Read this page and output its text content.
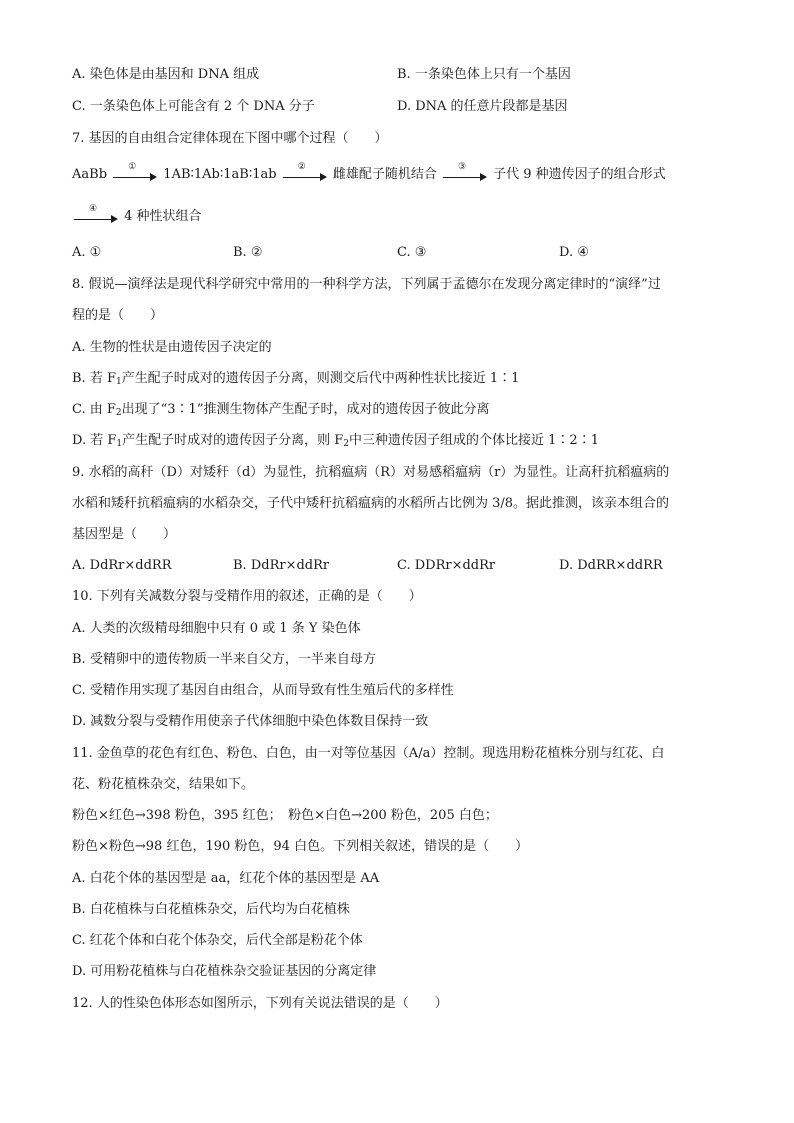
A. 染色体是由基因和 DNA 组成	B. 一条染色体上只有一个基因
C. 一条染色体上可能含有 2 个 DNA 分子	D. DNA 的任意片段都是基因
7. 基因的自由组合定律体现在下图中哪个过程（　　）
AaBb
①
1AB∶1Ab∶1aB∶1ab
②
雌雄配子随机结合
③
子代 9 种遗传因子的组合形式
④
4 种性状组合
A. ①	B. ②	C. ③	D. ④
8. 假说—演绎法是现代科学研究中常用的一种科学方法，下列属于孟德尔在发现分离定律时的“演绎”过
程的是（　　）
A. 生物的性状是由遗传因子决定的
B. 若 $F_1$产生配子时成对的遗传因子分离，则测交后代中两种性状比接近 1∶1
C. 由 $F_2$出现了“3∶1”推测生物体产生配子时，成对的遗传因子彼此分离
D. 若 $F_1$产生配子时成对的遗传因子分离，则 $F_2$中三种遗传因子组成的个体比接近 1∶2∶1
9. 水稻的高秆（D）对矮秆（d）为显性，抗稻瘟病（R）对易感稻瘟病（r）为显性。让高秆抗稻瘟病的
水稻和矮秆抗稻瘟病的水稻杂交，子代中矮秆抗稻瘟病的水稻所占比例为 3/8。据此推测，该亲本组合的
基因型是（　　）
A. DdRr×ddRR	B. DdRr×ddRr	C. DDRr×ddRr	D. DdRR×ddRR
10. 下列有关减数分裂与受精作用的叙述，正确的是（　　）
A. 人类的次级精母细胞中只有 0 或 1 条 Y 染色体
B. 受精卵中的遗传物质一半来自父方，一半来自母方
C. 受精作用实现了基因自由组合，从而导致有性生殖后代的多样性
D. 减数分裂与受精作用使亲子代体细胞中染色体数目保持一致
11. 金鱼草的花色有红色、粉色、白色，由一对等位基因（A/a）控制。现选用粉花植株分别与红花、白
花、粉花植株杂交，结果如下。
粉色×红色→398 粉色，395 红色；　粉色×白色→200 粉色，205 白色；
粉色×粉色→98 红色，190 粉色，94 白色。下列相关叙述，错误的是（　　）
A. 白花个体的基因型是 aa，红花个体的基因型是 AA
B. 白花植株与白花植株杂交，后代均为白花植株
C. 红花个体和白花个体杂交，后代全部是粉花个体
D. 可用粉花植株与白花植株杂交验证基因的分离定律
12. 人的性染色体形态如图所示，下列有关说法错误的是（　　）
